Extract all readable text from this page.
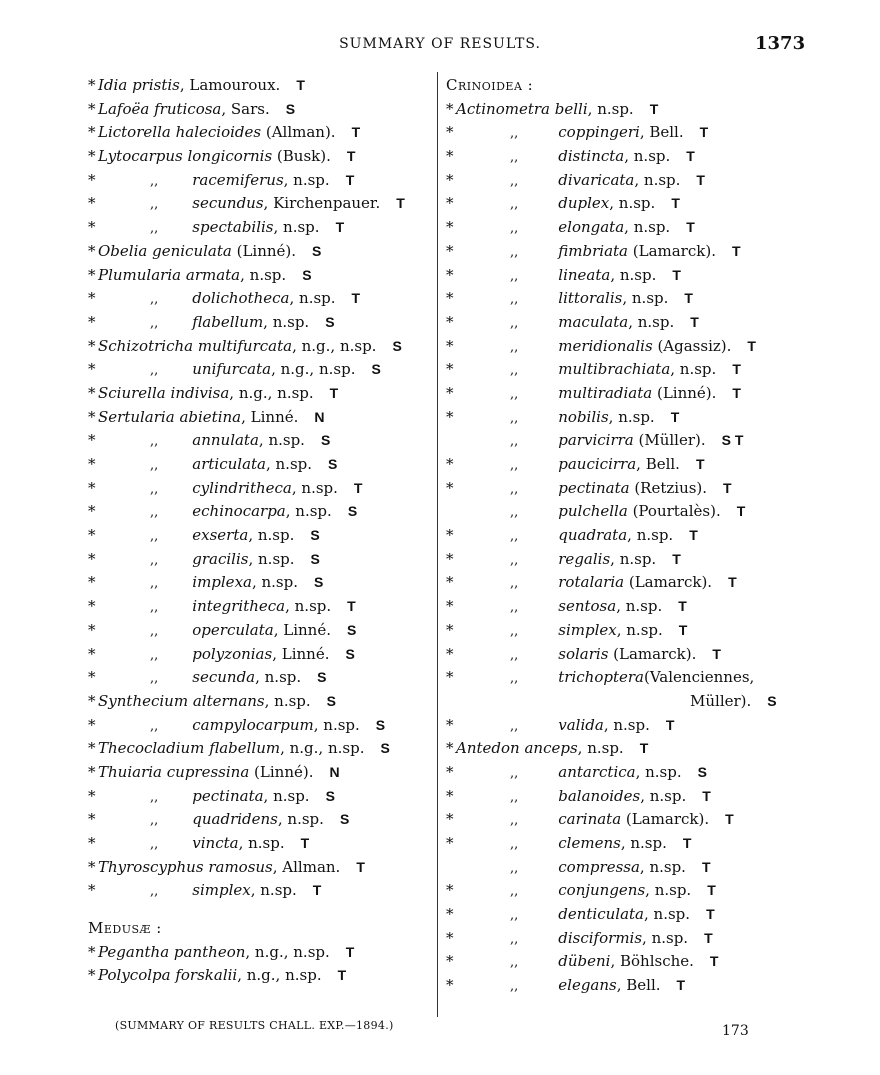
SUMMARY OF RESULTS.	1373
* Idia pristis, Lamouroux. T
* Lafoëa fruticosa, Sars. S
* Lictorella halecioides (Allman). T
* Lytocarpus longicornis (Busk). T
*	,, racemiferus, n.sp. T
*	,, secundus, Kirchenpauer. T
*	,, spectabilis, n.sp. T
* Obelia geniculata (Linné). S
* Plumularia armata, n.sp. S
*	,, dolichotheca, n.sp. T
*	,, flabellum, n.sp. S
* Schizotricha multifurcata, n.g., n.sp. S
*	,, unifurcata, n.g., n.sp. S
* Sciurella indivisa, n.g., n.sp. T
* Sertularia abietina, Linné. N
*	,, annulata, n.sp. S
*	,, articulata, n.sp. S
*	,, cylindritheca, n.sp. T
*	,, echinocarpa, n.sp. S
*	,, exserta, n.sp. S
*	,, gracilis, n.sp. S
*	,, implexa, n.sp. S
*	,, integritheca, n.sp. T
*	,, operculata, Linné. S
*	,, polyzonias, Linné. S
*	,, secunda, n.sp. S
* Synthecium alternans, n.sp. S
*	,, campylocarpum, n.sp. S
* Thecocladium flabellum, n.g., n.sp. S
* Thuiaria cupressina (Linné). N
*	,, pectinata, n.sp. S
*	,, quadridens, n.sp. S
*	,, vincta, n.sp. T
* Thyroscyphus ramosus, Allman. T
*	,, simplex, n.sp. T
Medusæ :
* Pegantha pantheon, n.g., n.sp. T
* Polycolpa forskalii, n.g., n.sp. T
Crinoidea :
* Actinometra belli, n.sp. T
*	,,	coppingeri, Bell. T
*	,,	distincta, n.sp. T
*	,,	divaricata, n.sp. T
*	,,	duplex, n.sp. T
*	,,	elongata, n.sp. T
*	,,	fimbriata (Lamarck). T
*	,,	lineata, n.sp. T
*	,,	littoralis, n.sp. T
*	,,	maculata, n.sp. T
*	,,	meridionalis (Agassiz). T
*	,,	multibrachiata, n.sp. T
*	,,	multiradiata (Linné). T
*	,,	nobilis, n.sp. T
,,	parvicirra (Müller). S T
*	,,	paucicirra, Bell. T
*	,,	pectinata (Retzius). T
,,	pulchella (Pourtalès). T
*	,,	quadrata, n.sp. T
*	,,	regalis, n.sp. T
*	,,	rotalaria (Lamarck). T
*	,,	sentosa, n.sp. T
*	,,	simplex, n.sp. T
*	,,	solaris (Lamarck). T
*	,,	trichoptera(Valenciennes,
Müller). S
*	,,	valida, n.sp. T
* Antedon anceps, n.sp. T
*	,,	antarctica, n.sp. S
*	,,	balanoides, n.sp. T
*	,,	carinata (Lamarck). T
*	,,	clemens, n.sp. T
,,	compressa, n.sp. T
*	,,	conjungens, n.sp. T
*	,,	denticulata, n.sp. T
*	,,	disciformis, n.sp. T
*	,,	dübeni, Böhlsche. T
*	,,	elegans, Bell. T
(SUMMARY OF RESULTS CHALL. EXP.—1894.)	173
